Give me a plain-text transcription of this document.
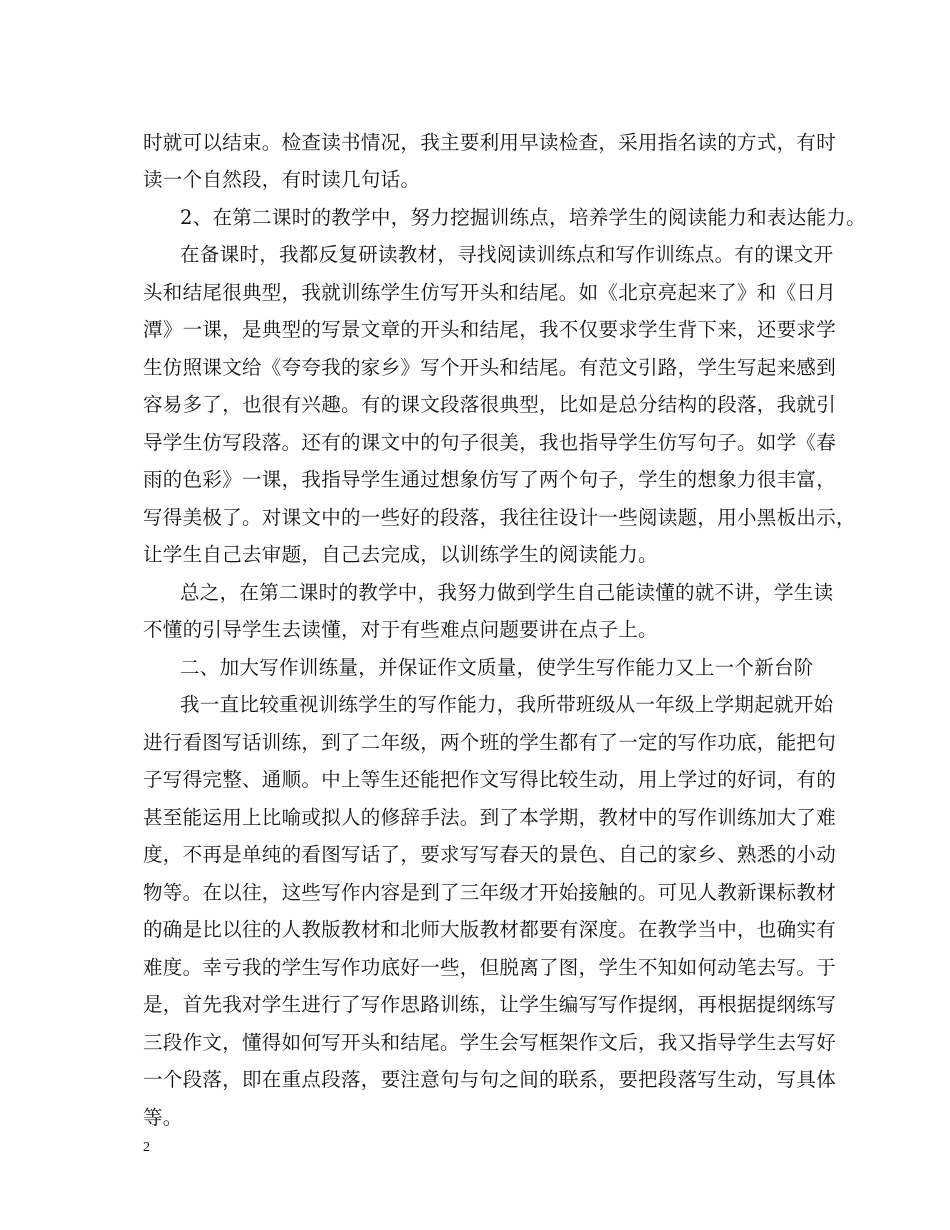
时就可以结束。检查读书情况，我主要利用早读检查，采用指名读的方式，有时
读一个自然段，有时读几句话。
2、在第二课时的教学中，努力挖掘训练点，培养学生的阅读能力和表达能力。
在备课时，我都反复研读教材，寻找阅读训练点和写作训练点。有的课文开
头和结尾很典型，我就训练学生仿写开头和结尾。如《北京亮起来了》和《日月
潭》一课，是典型的写景文章的开头和结尾，我不仅要求学生背下来，还要求学
生仿照课文给《夸夸我的家乡》写个开头和结尾。有范文引路，学生写起来感到
容易多了，也很有兴趣。有的课文段落很典型，比如是总分结构的段落，我就引
导学生仿写段落。还有的课文中的句子很美，我也指导学生仿写句子。如学《春
雨的色彩》一课，我指导学生通过想象仿写了两个句子，学生的想象力很丰富，
写得美极了。对课文中的一些好的段落，我往往设计一些阅读题，用小黑板出示，
让学生自己去审题，自己去完成，以训练学生的阅读能力。
总之，在第二课时的教学中，我努力做到学生自己能读懂的就不讲，学生读
不懂的引导学生去读懂，对于有些难点问题要讲在点子上。
二、加大写作训练量，并保证作文质量，使学生写作能力又上一个新台阶
我一直比较重视训练学生的写作能力，我所带班级从一年级上学期起就开始
进行看图写话训练，到了二年级，两个班的学生都有了一定的写作功底，能把句
子写得完整、通顺。中上等生还能把作文写得比较生动，用上学过的好词，有的
甚至能运用上比喻或拟人的修辞手法。到了本学期，教材中的写作训练加大了难
度，不再是单纯的看图写话了，要求写写春天的景色、自己的家乡、熟悉的小动
物等。在以往，这些写作内容是到了三年级才开始接触的。可见人教新课标教材
的确是比以往的人教版教材和北师大版教材都要有深度。在教学当中，也确实有
难度。幸亏我的学生写作功底好一些，但脱离了图，学生不知如何动笔去写。于
是，首先我对学生进行了写作思路训练，让学生编写写作提纲，再根据提纲练写
三段作文，懂得如何写开头和结尾。学生会写框架作文后，我又指导学生去写好
一个段落，即在重点段落，要注意句与句之间的联系，要把段落写生动，写具体
等。
2
